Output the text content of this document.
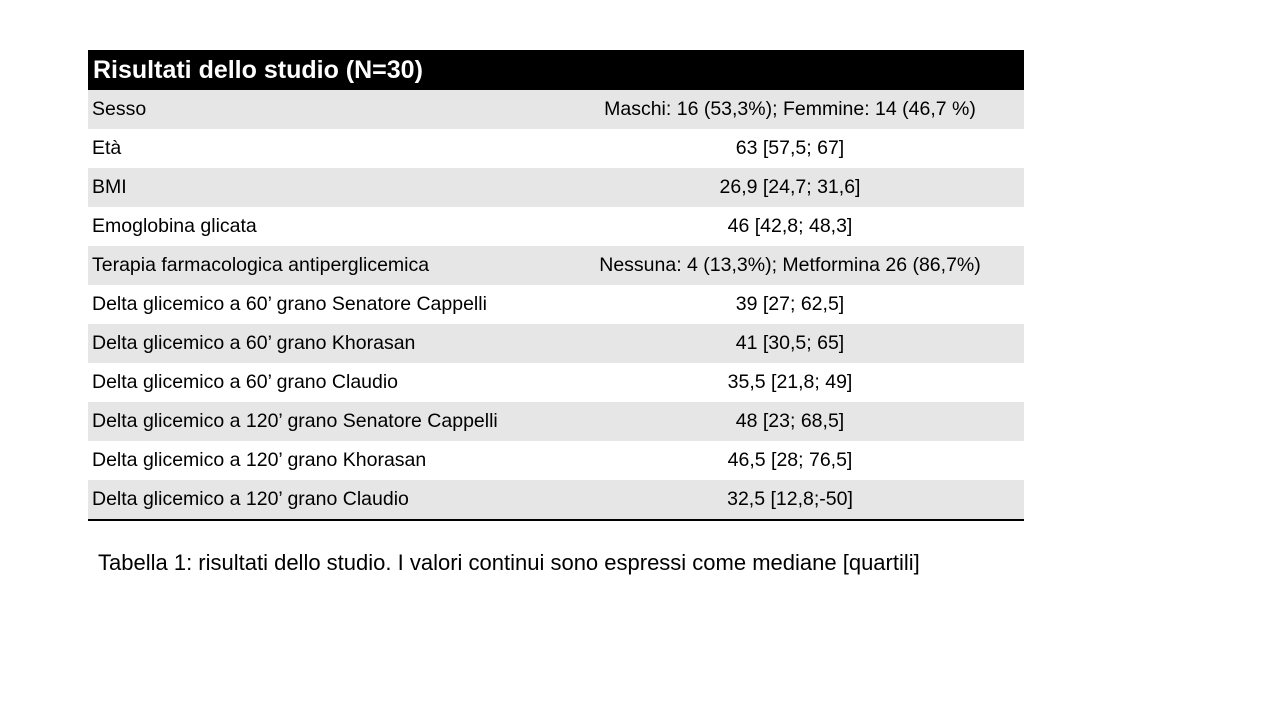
Risultati dello studio (N=30)	
Sesso	Maschi: 16 (53,3%); Femmine: 14 (46,7 %)
Età	63 [57,5; 67]
BMI	26,9 [24,7; 31,6]
Emoglobina glicata	46 [42,8; 48,3]
Terapia farmacologica antiperglicemica	Nessuna: 4 (13,3%); Metformina 26 (86,7%)
Delta glicemico a 60’ grano Senatore Cappelli	39 [27; 62,5]
Delta glicemico a 60’ grano Khorasan	41 [30,5; 65]
Delta glicemico a 60’ grano Claudio	35,5 [21,8; 49]
Delta glicemico a 120’ grano Senatore Cappelli	48 [23; 68,5]
Delta glicemico a 120’ grano Khorasan	46,5 [28; 76,5]
Delta glicemico a 120’ grano Claudio	32,5 [12,8;-50]
Tabella 1: risultati dello studio. I valori continui sono espressi come mediane [quartili]
